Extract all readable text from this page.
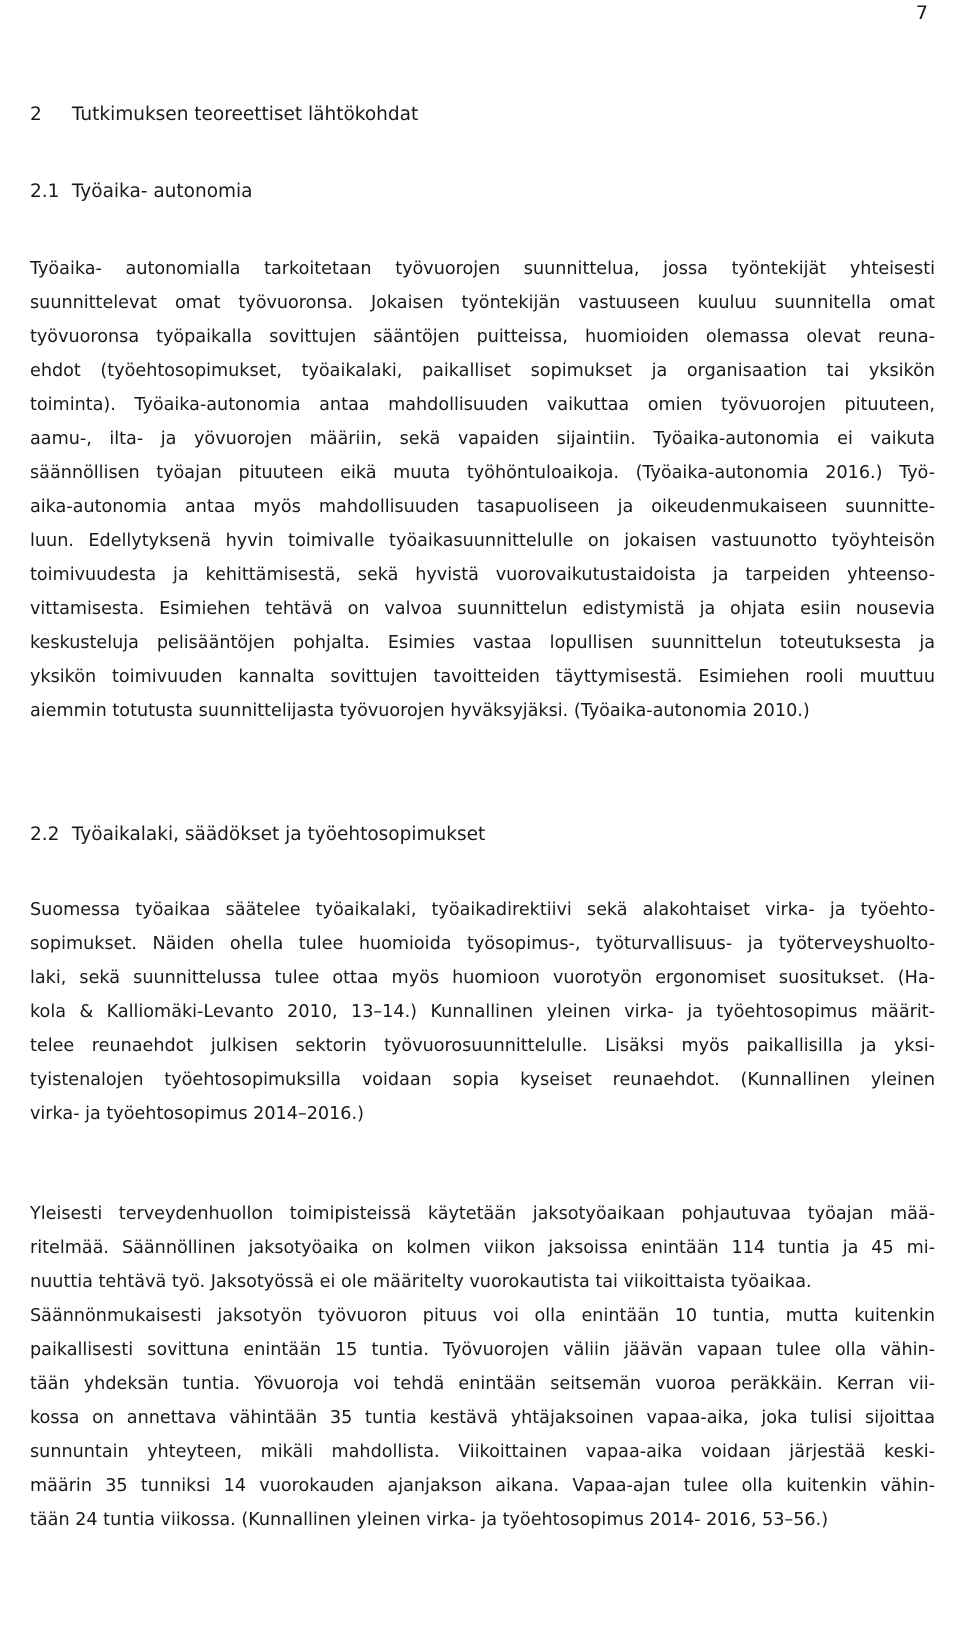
7
2 Tutkimuksen teoreettiset lähtökohdat
2.1 Työaika- autonomia
Työaika- autonomialla tarkoitetaan työvuorojen suunnittelua, jossa työntekijät yhteisesti
suunnittelevat omat työvuoronsa. Jokaisen työntekijän vastuuseen kuuluu suunnitella omat
työvuoronsa työpaikalla sovittujen sääntöjen puitteissa, huomioiden olemassa olevat reuna-
ehdot (työehtosopimukset, työaikalaki, paikalliset sopimukset ja organisaation tai yksikön
toiminta). Työaika-autonomia antaa mahdollisuuden vaikuttaa omien työvuorojen pituuteen,
aamu-, ilta- ja yövuorojen määriin, sekä vapaiden sijaintiin. Työaika-autonomia ei vaikuta
säännöllisen työajan pituuteen eikä muuta työhöntuloaikoja. (Työaika-autonomia 2016.) Työ-
aika-autonomia antaa myös mahdollisuuden tasapuoliseen ja oikeudenmukaiseen suunnitte-
luun. Edellytyksenä hyvin toimivalle työaikasuunnittelulle on jokaisen vastuunotto työyhteisön
toimivuudesta ja kehittämisestä, sekä hyvistä vuorovaikutustaidoista ja tarpeiden yhteenso-
vittamisesta. Esimiehen tehtävä on valvoa suunnittelun edistymistä ja ohjata esiin nousevia
keskusteluja pelisääntöjen pohjalta. Esimies vastaa lopullisen suunnittelun toteutuksesta ja
yksikön toimivuuden kannalta sovittujen tavoitteiden täyttymisestä. Esimiehen rooli muuttuu
aiemmin totutusta suunnittelijasta työvuorojen hyväksyjäksi. (Työaika-autonomia 2010.)
2.2 Työaikalaki, säädökset ja työehtosopimukset
Suomessa työaikaa säätelee työaikalaki, työaikadirektiivi sekä alakohtaiset virka- ja työehto-
sopimukset. Näiden ohella tulee huomioida työsopimus-, työturvallisuus- ja työterveyshuolto-
laki, sekä suunnittelussa tulee ottaa myös huomioon vuorotyön ergonomiset suositukset. (Ha-
kola & Kalliomäki-Levanto 2010, 13–14.) Kunnallinen yleinen virka- ja työehtosopimus määrit-
telee reunaehdot julkisen sektorin työvuorosuunnittelulle. Lisäksi myös paikallisilla ja yksi-
tyistenalojen työehtosopimuksilla voidaan sopia kyseiset reunaehdot. (Kunnallinen yleinen
virka- ja työehtosopimus 2014–2016.)
Yleisesti terveydenhuollon toimipisteissä käytetään jaksotyöaikaan pohjautuvaa työajan mää-
ritelmää. Säännöllinen jaksotyöaika on kolmen viikon jaksoissa enintään 114 tuntia ja 45 mi-
nuuttia tehtävä työ. Jaksotyössä ei ole määritelty vuorokautista tai viikoittaista työaikaa.
Säännönmukaisesti jaksotyön työvuoron pituus voi olla enintään 10 tuntia, mutta kuitenkin
paikallisesti sovittuna enintään 15 tuntia. Työvuorojen väliin jäävän vapaan tulee olla vähin-
tään yhdeksän tuntia. Yövuoroja voi tehdä enintään seitsemän vuoroa peräkkäin. Kerran vii-
kossa on annettava vähintään 35 tuntia kestävä yhtäjaksoinen vapaa-aika, joka tulisi sijoittaa
sunnuntain yhteyteen, mikäli mahdollista. Viikoittainen vapaa-aika voidaan järjestää keski-
määrin 35 tunniksi 14 vuorokauden ajanjakson aikana. Vapaa-ajan tulee olla kuitenkin vähin-
tään 24 tuntia viikossa. (Kunnallinen yleinen virka- ja työehtosopimus 2014- 2016, 53–56.)
